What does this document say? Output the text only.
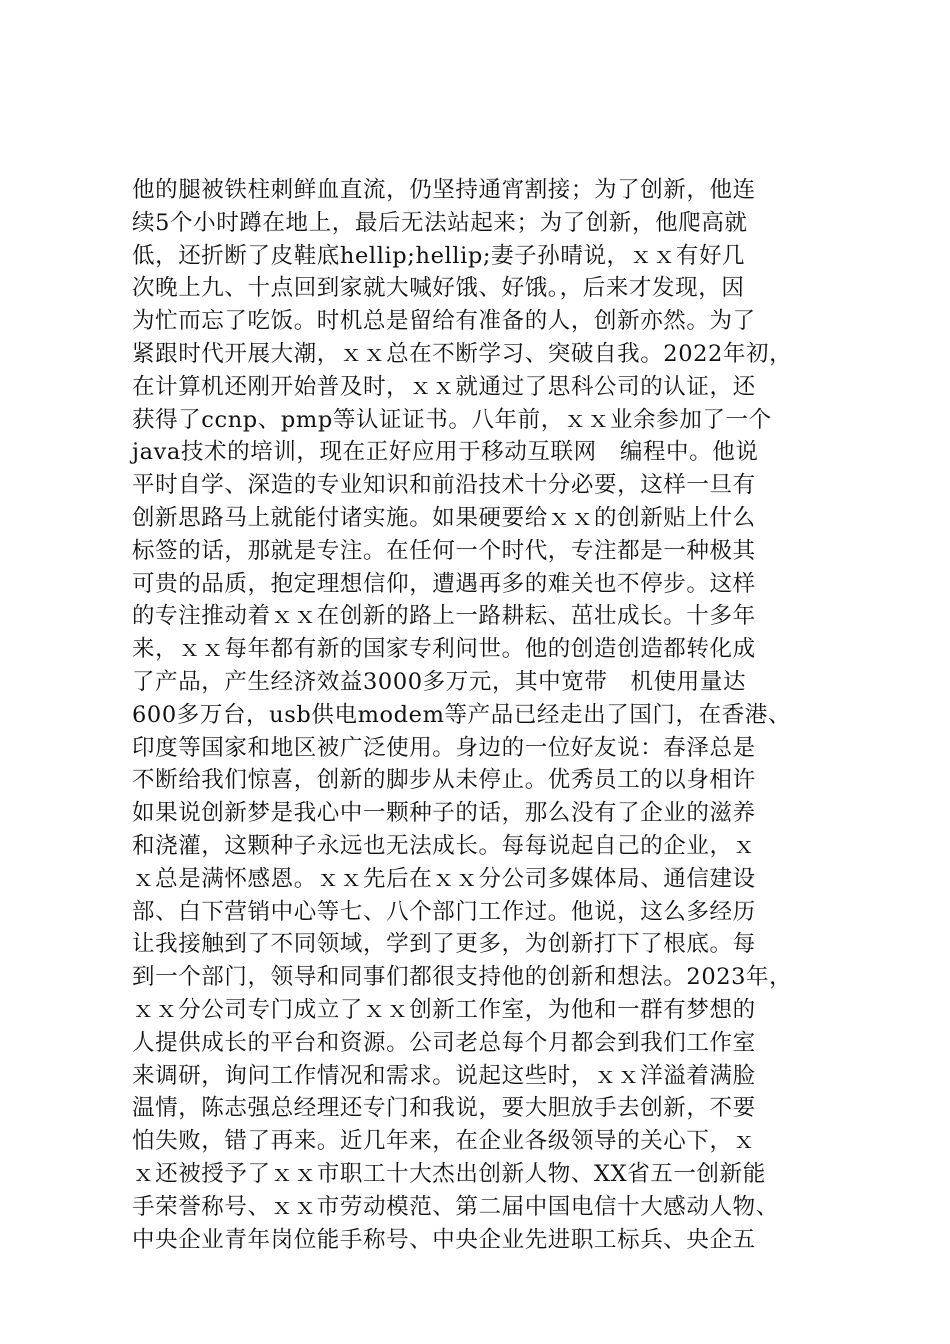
他的腿被铁柱刺鲜血直流，仍坚持通宵割接；为了创新，他连
续5个小时蹲在地上，最后无法站起来；为了创新，他爬高就
低，还折断了皮鞋底hellip;hellip;妻子孙晴说，ｘｘ有好几
次晚上九、十点回到家就大喊好饿、好饿。，后来才发现，因
为忙而忘了吃饭。时机总是留给有准备的人，创新亦然。为了
紧跟时代开展大潮，ｘｘ总在不断学习、突破自我。2022年初，
在计算机还刚开始普及时，ｘｘ就通过了思科公司的认证，还
获得了ccnp、pmp等认证证书。八年前，ｘｘ业余参加了一个
java技术的培训，现在正好应用于移动互联网　编程中。他说
平时自学、深造的专业知识和前沿技术十分必要，这样一旦有
创新思路马上就能付诸实施。如果硬要给ｘｘ的创新贴上什么
标签的话，那就是专注。在任何一个时代，专注都是一种极其
可贵的品质，抱定理想信仰，遭遇再多的难关也不停步。这样
的专注推动着ｘｘ在创新的路上一路耕耘、茁壮成长。十多年
来，ｘｘ每年都有新的国家专利问世。他的创造创造都转化成
了产品，产生经济效益3000多万元，其中宽带　机使用量达
600多万台，usb供电modem等产品已经走出了国门，在香港、
印度等国家和地区被广泛使用。身边的一位好友说：春泽总是
不断给我们惊喜，创新的脚步从未停止。优秀员工的以身相许
如果说创新梦是我心中一颗种子的话，那么没有了企业的滋养
和浇灌，这颗种子永远也无法成长。每每说起自己的企业，ｘ
ｘ总是满怀感恩。ｘｘ先后在ｘｘ分公司多媒体局、通信建设
部、白下营销中心等七、八个部门工作过。他说，这么多经历
让我接触到了不同领域，学到了更多，为创新打下了根底。每
到一个部门，领导和同事们都很支持他的创新和想法。2023年，
ｘｘ分公司专门成立了ｘｘ创新工作室，为他和一群有梦想的
人提供成长的平台和资源。公司老总每个月都会到我们工作室
来调研，询问工作情况和需求。说起这些时，ｘｘ洋溢着满脸
温情，陈志强总经理还专门和我说，要大胆放手去创新，不要
怕失败，错了再来。近几年来，在企业各级领导的关心下，ｘ
ｘ还被授予了ｘｘ市职工十大杰出创新人物、XX省五一创新能
手荣誉称号、ｘｘ市劳动模范、第二届中国电信十大感动人物、
中央企业青年岗位能手称号、中央企业先进职工标兵、央企五
